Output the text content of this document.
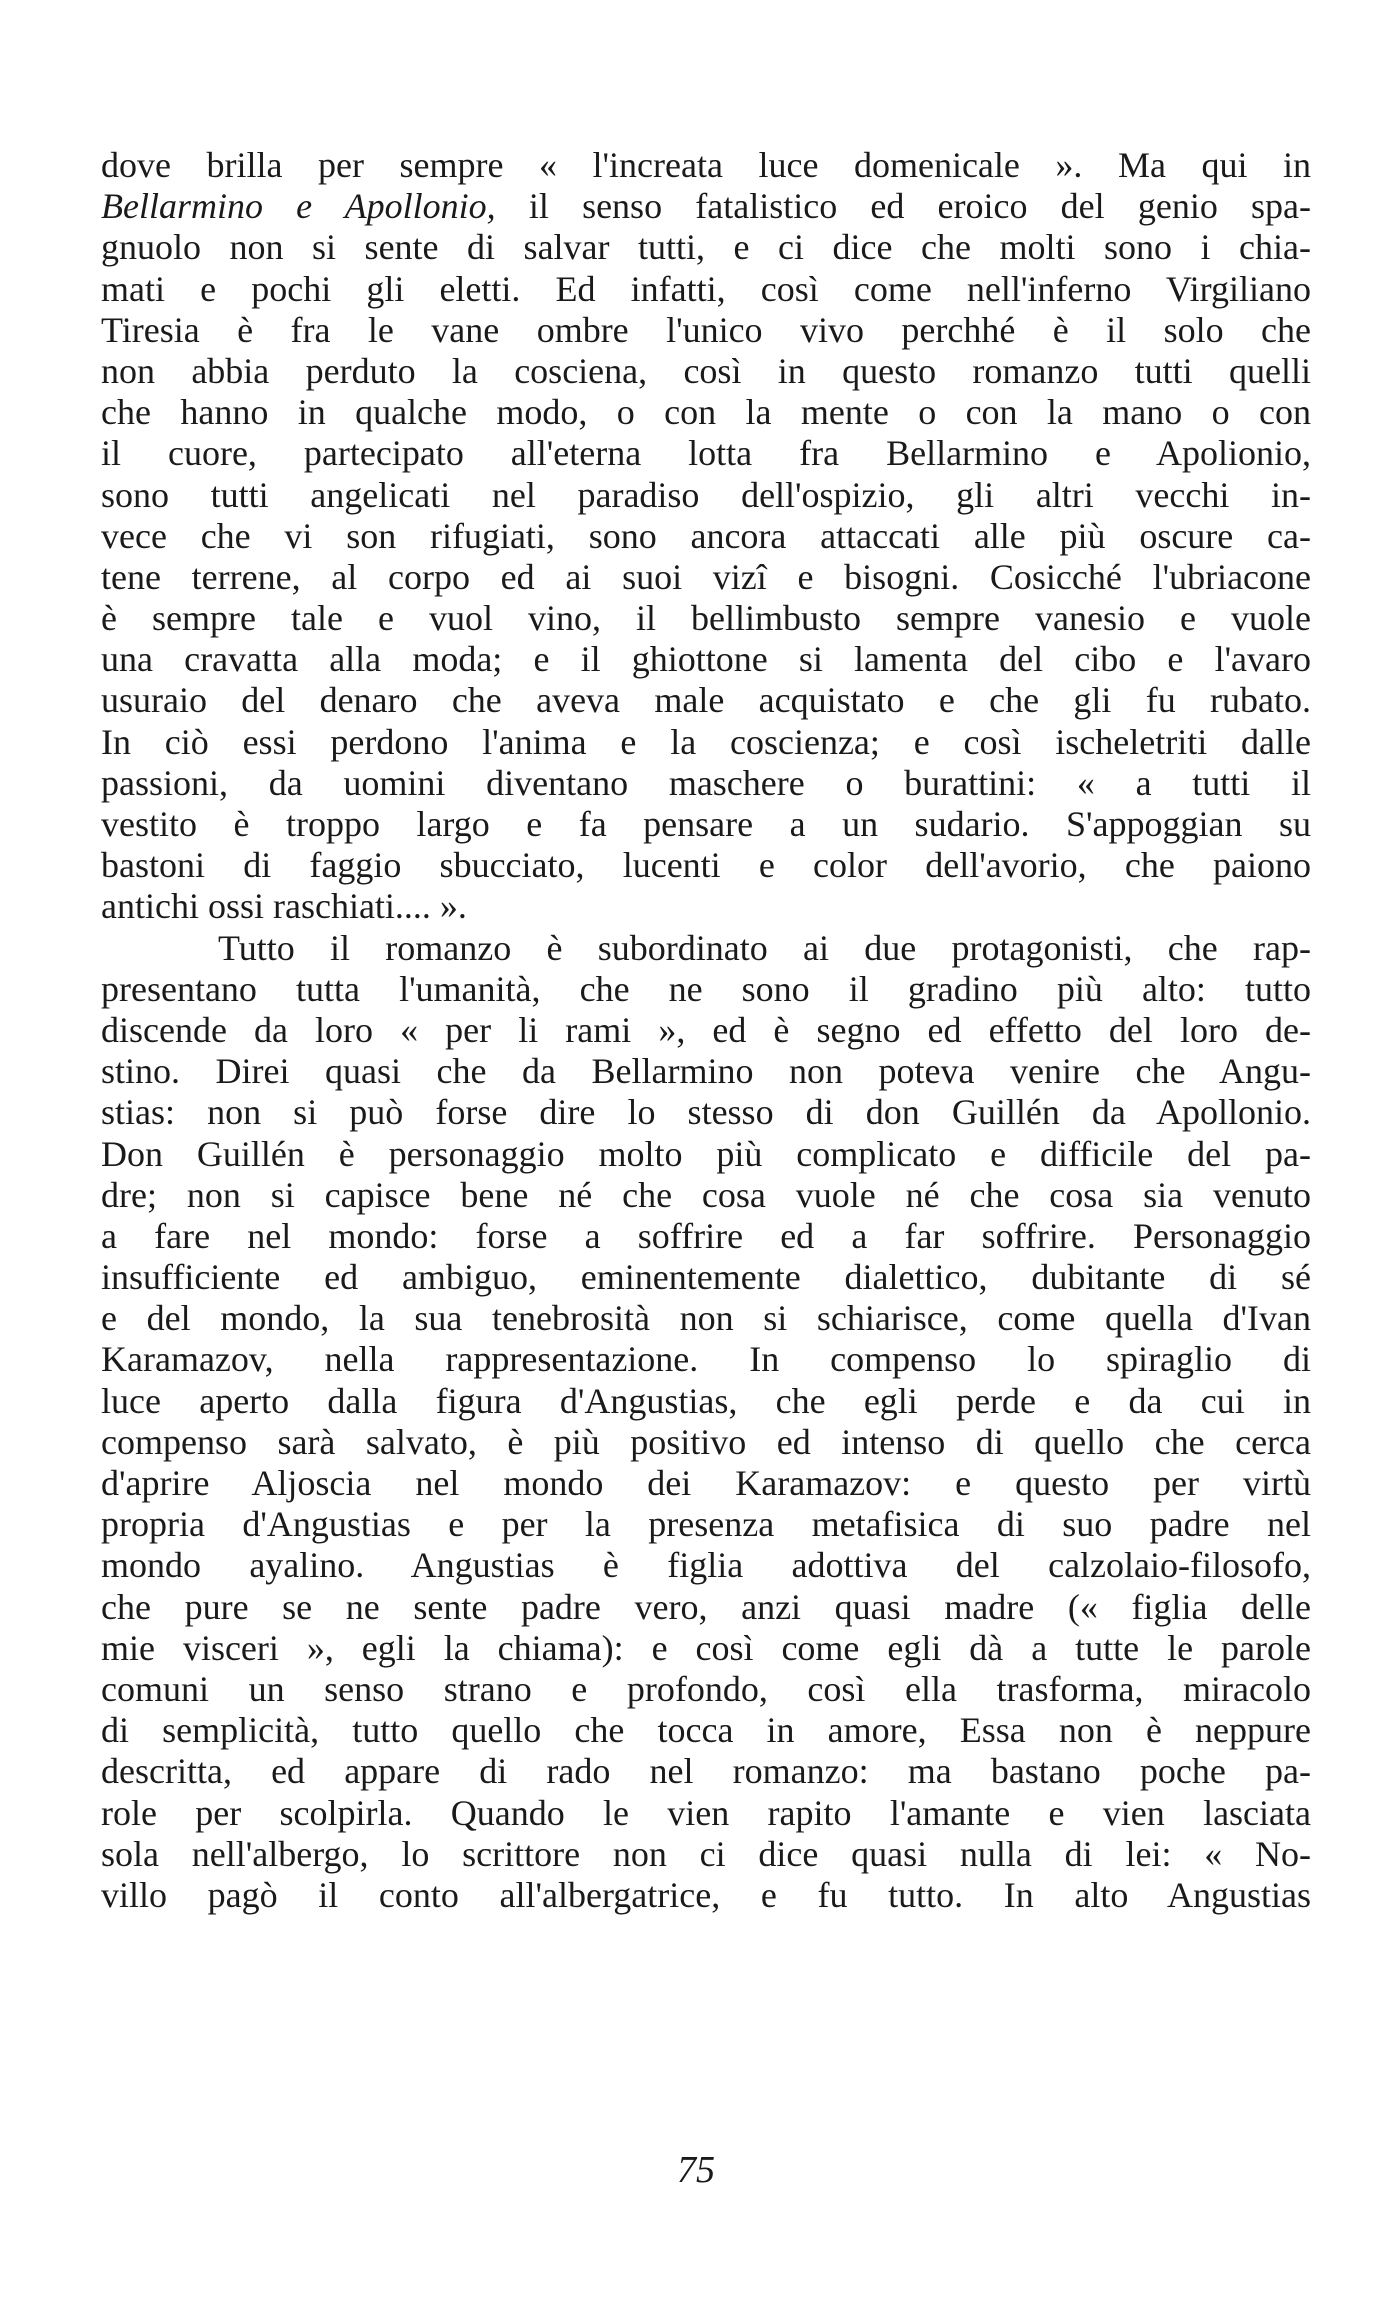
dove brilla per sempre « l'increata luce domenicale ». Ma qui in
Bellarmino e Apollonio, il senso fatalistico ed eroico del genio spa-
gnuolo non si sente di salvar tutti, e ci dice che molti sono i chia-
mati e pochi gli eletti. Ed infatti, così come nell'inferno Virgiliano
Tiresia è fra le vane ombre l'unico vivo perchhé è il solo che
non abbia perduto la cosciena, così in questo romanzo tutti quelli
che hanno in qualche modo, o con la mente o con la mano o con
il cuore, partecipato all'eterna lotta fra Bellarmino e Apolionio,
sono tutti angelicati nel paradiso dell'ospizio, gli altri vecchi in-
vece che vi son rifugiati, sono ancora attaccati alle più oscure ca-
tene terrene, al corpo ed ai suoi vizî e bisogni. Cosicché l'ubriacone
è sempre tale e vuol vino, il bellimbusto sempre vanesio e vuole
una cravatta alla moda; e il ghiottone si lamenta del cibo e l'avaro
usuraio del denaro che aveva male acquistato e che gli fu rubato.
In ciò essi perdono l'anima e la coscienza; e così ischeletriti dalle
passioni, da uomini diventano maschere o burattini: « a tutti il
vestito è troppo largo e fa pensare a un sudario. S'appoggian su
bastoni di faggio sbucciato, lucenti e color dell'avorio, che paiono
antichi ossi raschiati.... ».
Tutto il romanzo è subordinato ai due protagonisti, che rap-
presentano tutta l'umanità, che ne sono il gradino più alto: tutto
discende da loro « per li rami », ed è segno ed effetto del loro de-
stino. Direi quasi che da Bellarmino non poteva venire che Angu-
stias: non si può forse dire lo stesso di don Guillén da Apollonio.
Don Guillén è personaggio molto più complicato e difficile del pa-
dre; non si capisce bene né che cosa vuole né che cosa sia venuto
a fare nel mondo: forse a soffrire ed a far soffrire. Personaggio
insufficiente ed ambiguo, eminentemente dialettico, dubitante di sé
e del mondo, la sua tenebrosità non si schiarisce, come quella d'Ivan
Karamazov, nella rappresentazione. In compenso lo spiraglio di
luce aperto dalla figura d'Angustias, che egli perde e da cui in
compenso sarà salvato, è più positivo ed intenso di quello che cerca
d'aprire Aljoscia nel mondo dei Karamazov: e questo per virtù
propria d'Angustias e per la presenza metafisica di suo padre nel
mondo ayalino. Angustias è figlia adottiva del calzolaio-filosofo,
che pure se ne sente padre vero, anzi quasi madre (« figlia delle
mie visceri », egli la chiama): e così come egli dà a tutte le parole
comuni un senso strano e profondo, così ella trasforma, miracolo
di semplicità, tutto quello che tocca in amore, Essa non è neppure
descritta, ed appare di rado nel romanzo: ma bastano poche pa-
role per scolpirla. Quando le vien rapito l'amante e vien lasciata
sola nell'albergo, lo scrittore non ci dice quasi nulla di lei: « No-
villo pagò il conto all'albergatrice, e fu tutto. In alto Angustias
75
